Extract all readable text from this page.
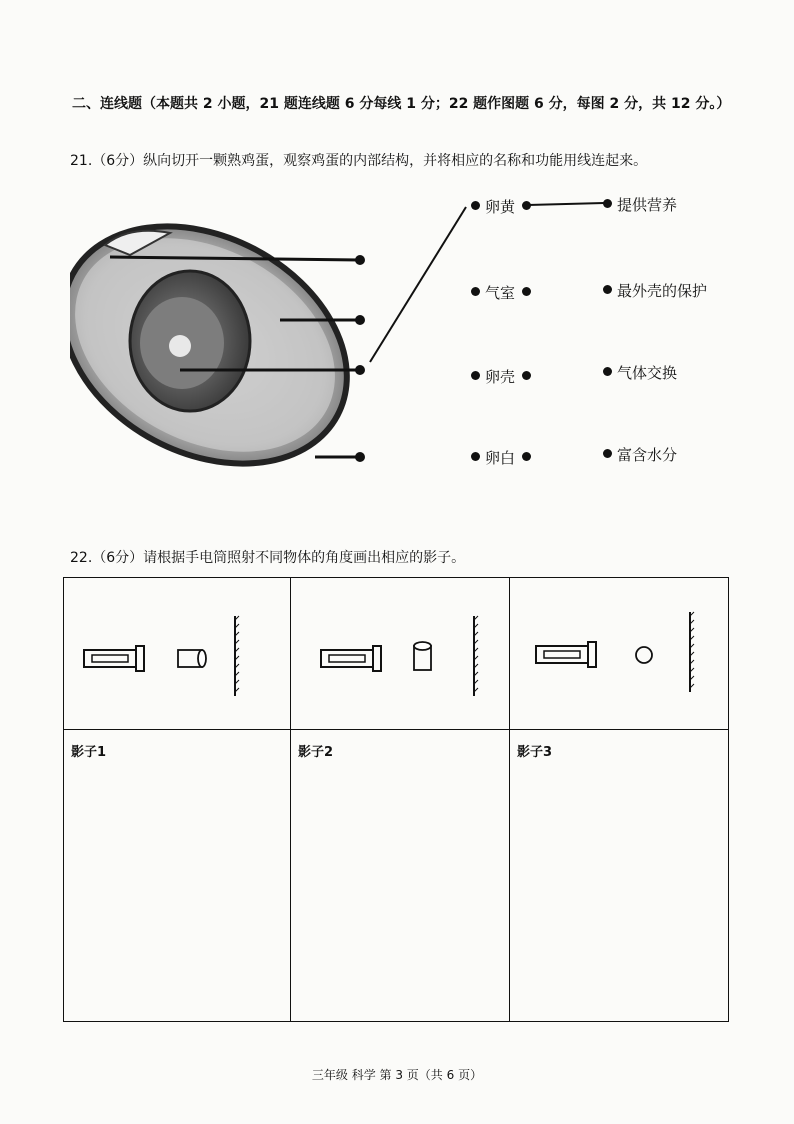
二、连线题（本题共 2 小题，21 题连线题 6 分每线 1 分；22 题作图题 6 分，每图 2 分，共 12 分。）
21.（6分）纵向切开一颗熟鸡蛋，观察鸡蛋的内部结构，并将相应的名称和功能用线连起来。
卵黄
气室
卵壳
卵白
提供营养
最外壳的保护
气体交换
富含水分
22.（6分）请根据手电筒照射不同物体的角度画出相应的影子。

影子1	影子2	影子3
三年级 科学 第 3 页（共 6 页）
